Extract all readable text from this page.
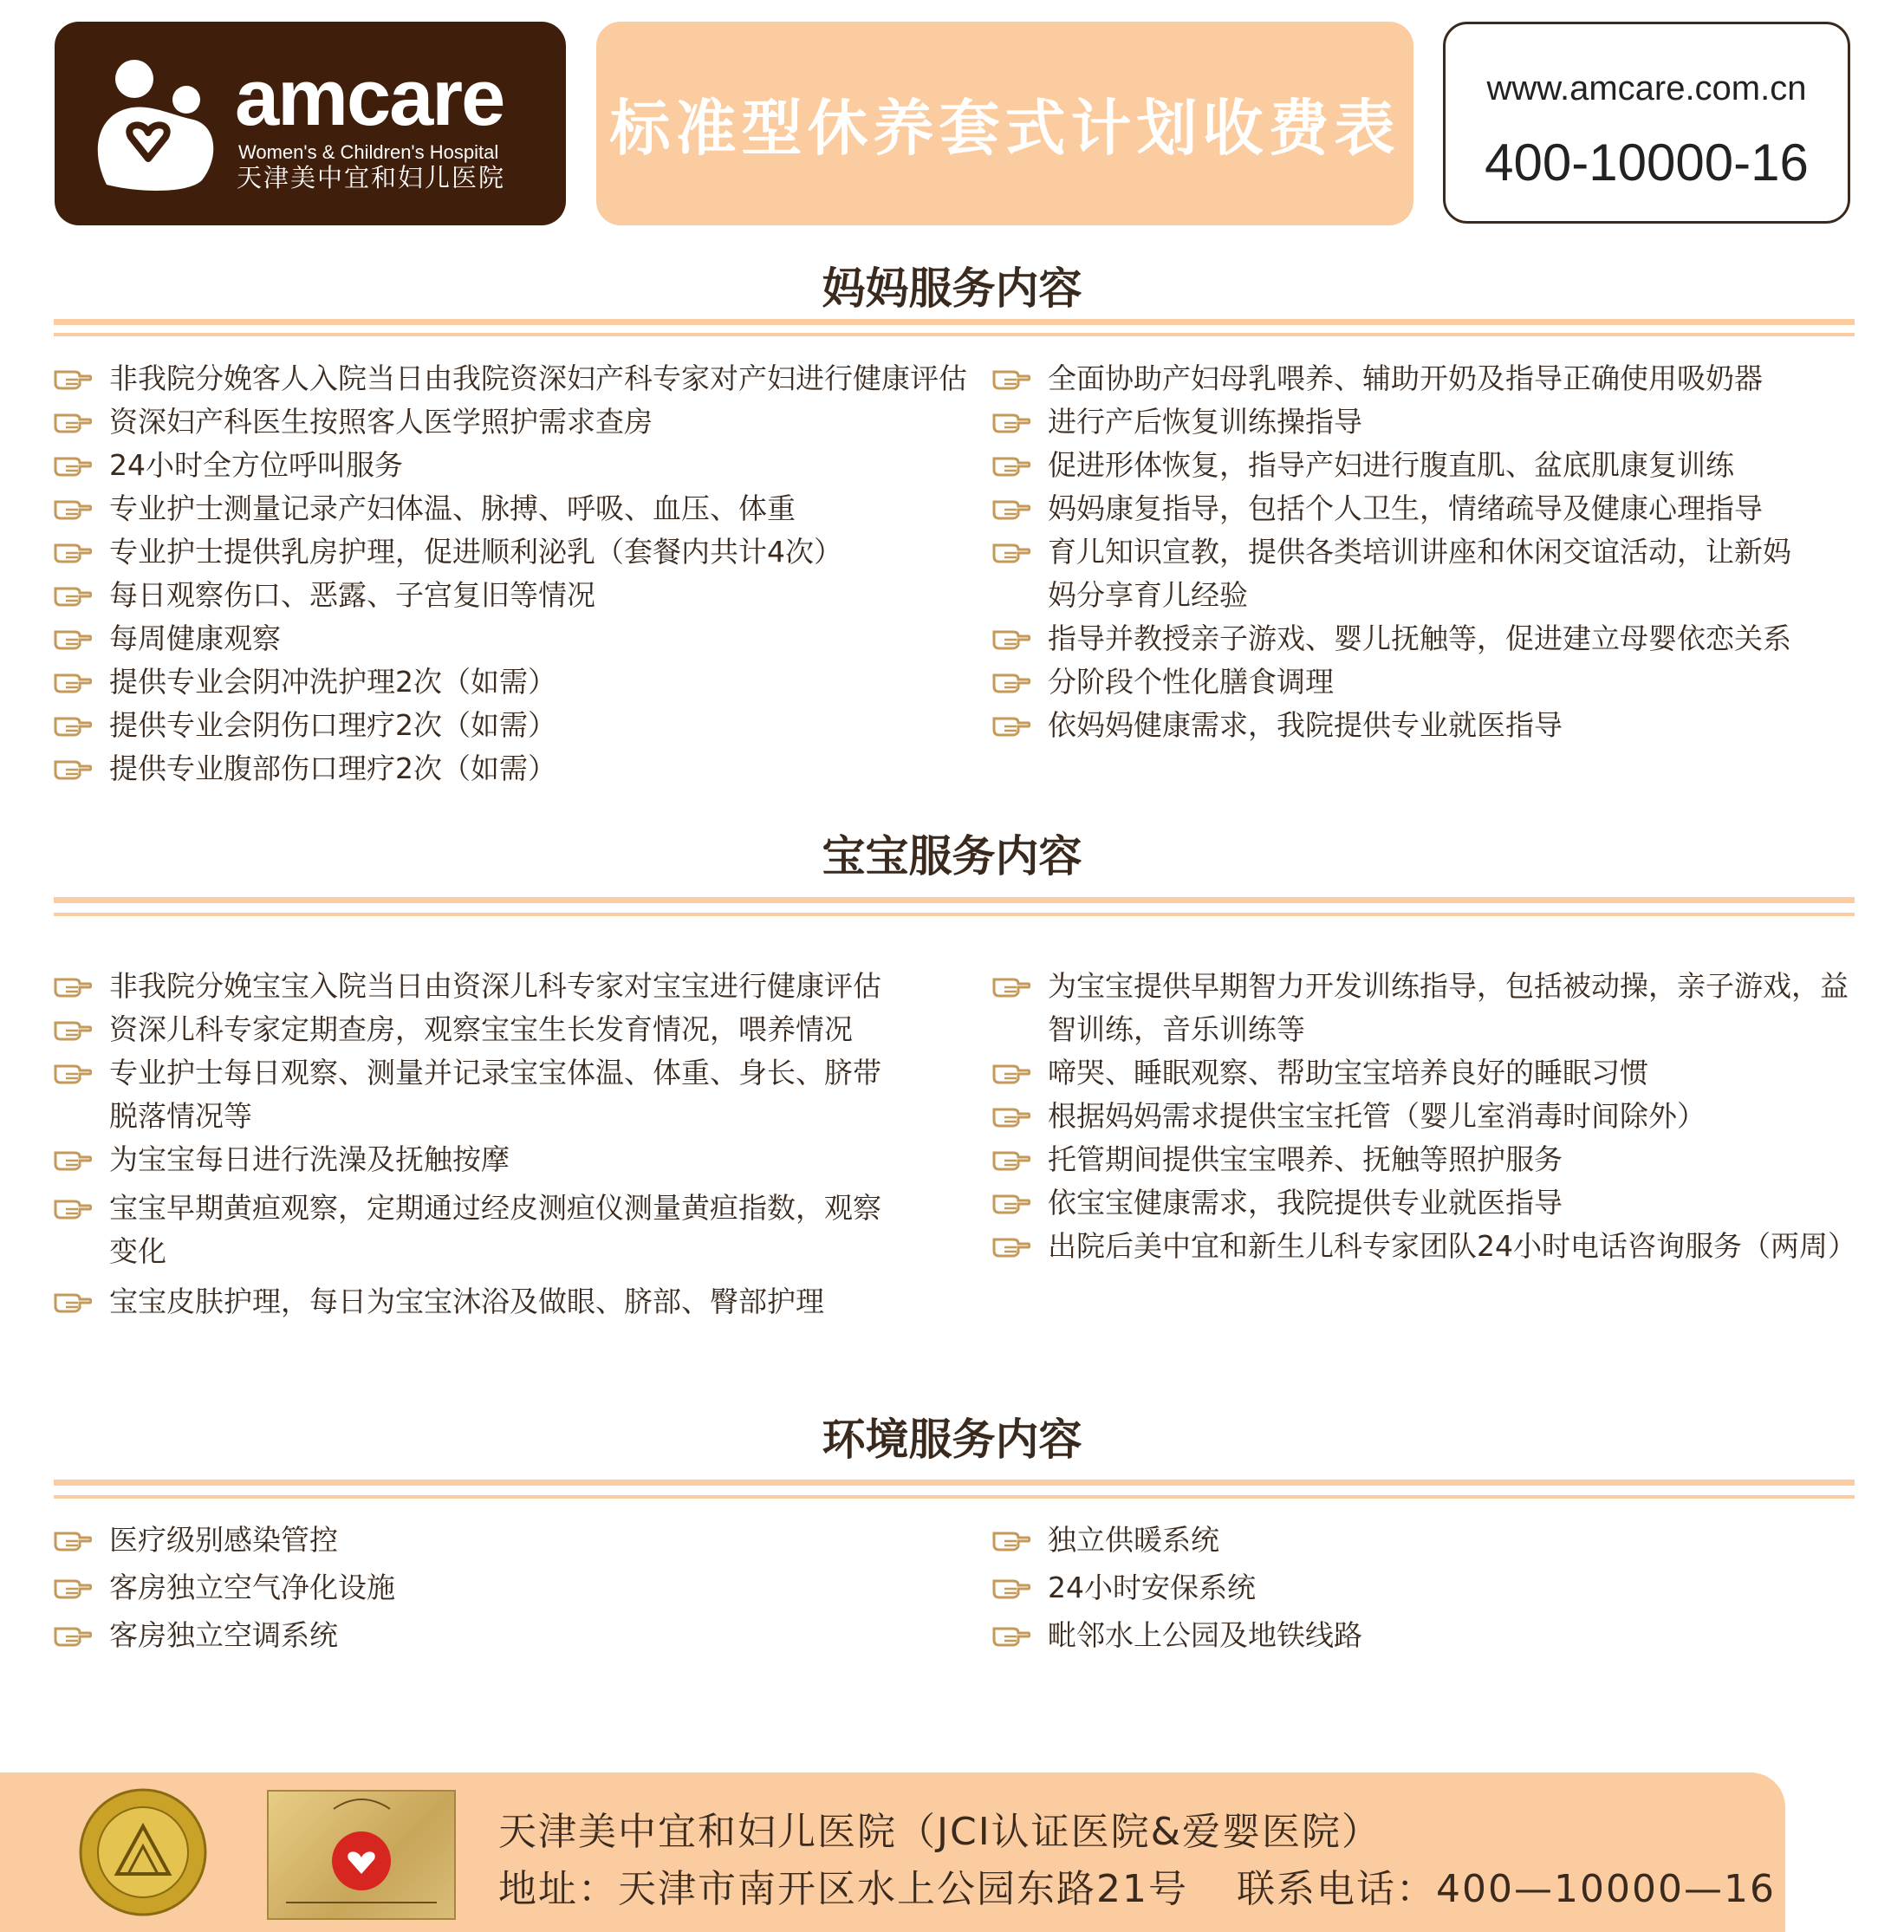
amcare
Women's & Children's Hospital
天津美中宜和妇儿医院
标准型休养套式计划收费表
www.amcare.com.cn
400-10000-16
妈妈服务内容
非我院分娩客人入院当日由我院资深妇产科专家对产妇进行健康评估
资深妇产科医生按照客人医学照护需求查房
24小时全方位呼叫服务
专业护士测量记录产妇体温、脉搏、呼吸、血压、体重
专业护士提供乳房护理，促进顺利泌乳（套餐内共计4次）
每日观察伤口、恶露、子宫复旧等情况
每周健康观察
提供专业会阴冲洗护理2次（如需）
提供专业会阴伤口理疗2次（如需）
提供专业腹部伤口理疗2次（如需）
全面协助产妇母乳喂养、辅助开奶及指导正确使用吸奶器
进行产后恢复训练操指导
促进形体恢复，指导产妇进行腹直肌、盆底肌康复训练
妈妈康复指导，包括个人卫生，情绪疏导及健康心理指导
育儿知识宣教，提供各类培训讲座和休闲交谊活动，让新妈
妈分享育儿经验
指导并教授亲子游戏、婴儿抚触等，促进建立母婴依恋关系
分阶段个性化膳食调理
依妈妈健康需求，我院提供专业就医指导
宝宝服务内容
非我院分娩宝宝入院当日由资深儿科专家对宝宝进行健康评估
资深儿科专家定期查房，观察宝宝生长发育情况，喂养情况
专业护士每日观察、测量并记录宝宝体温、体重、身长、脐带
脱落情况等
为宝宝每日进行洗澡及抚触按摩
宝宝早期黄疸观察，定期通过经皮测疸仪测量黄疸指数，观察
变化
宝宝皮肤护理，每日为宝宝沐浴及做眼、脐部、臀部护理
为宝宝提供早期智力开发训练指导，包括被动操，亲子游戏，益
智训练，音乐训练等
啼哭、睡眠观察、帮助宝宝培养良好的睡眠习惯
根据妈妈需求提供宝宝托管（婴儿室消毒时间除外）
托管期间提供宝宝喂养、抚触等照护服务
依宝宝健康需求，我院提供专业就医指导
出院后美中宜和新生儿科专家团队24小时电话咨询服务（两周）
环境服务内容
医疗级别感染管控
客房独立空气净化设施
客房独立空调系统
独立供暖系统
24小时安保系统
毗邻水上公园及地铁线路
天津美中宜和妇儿医院（JCI认证医院&爱婴医院）
地址：天津市南开区水上公园东路21号 联系电话：400—10000—16
